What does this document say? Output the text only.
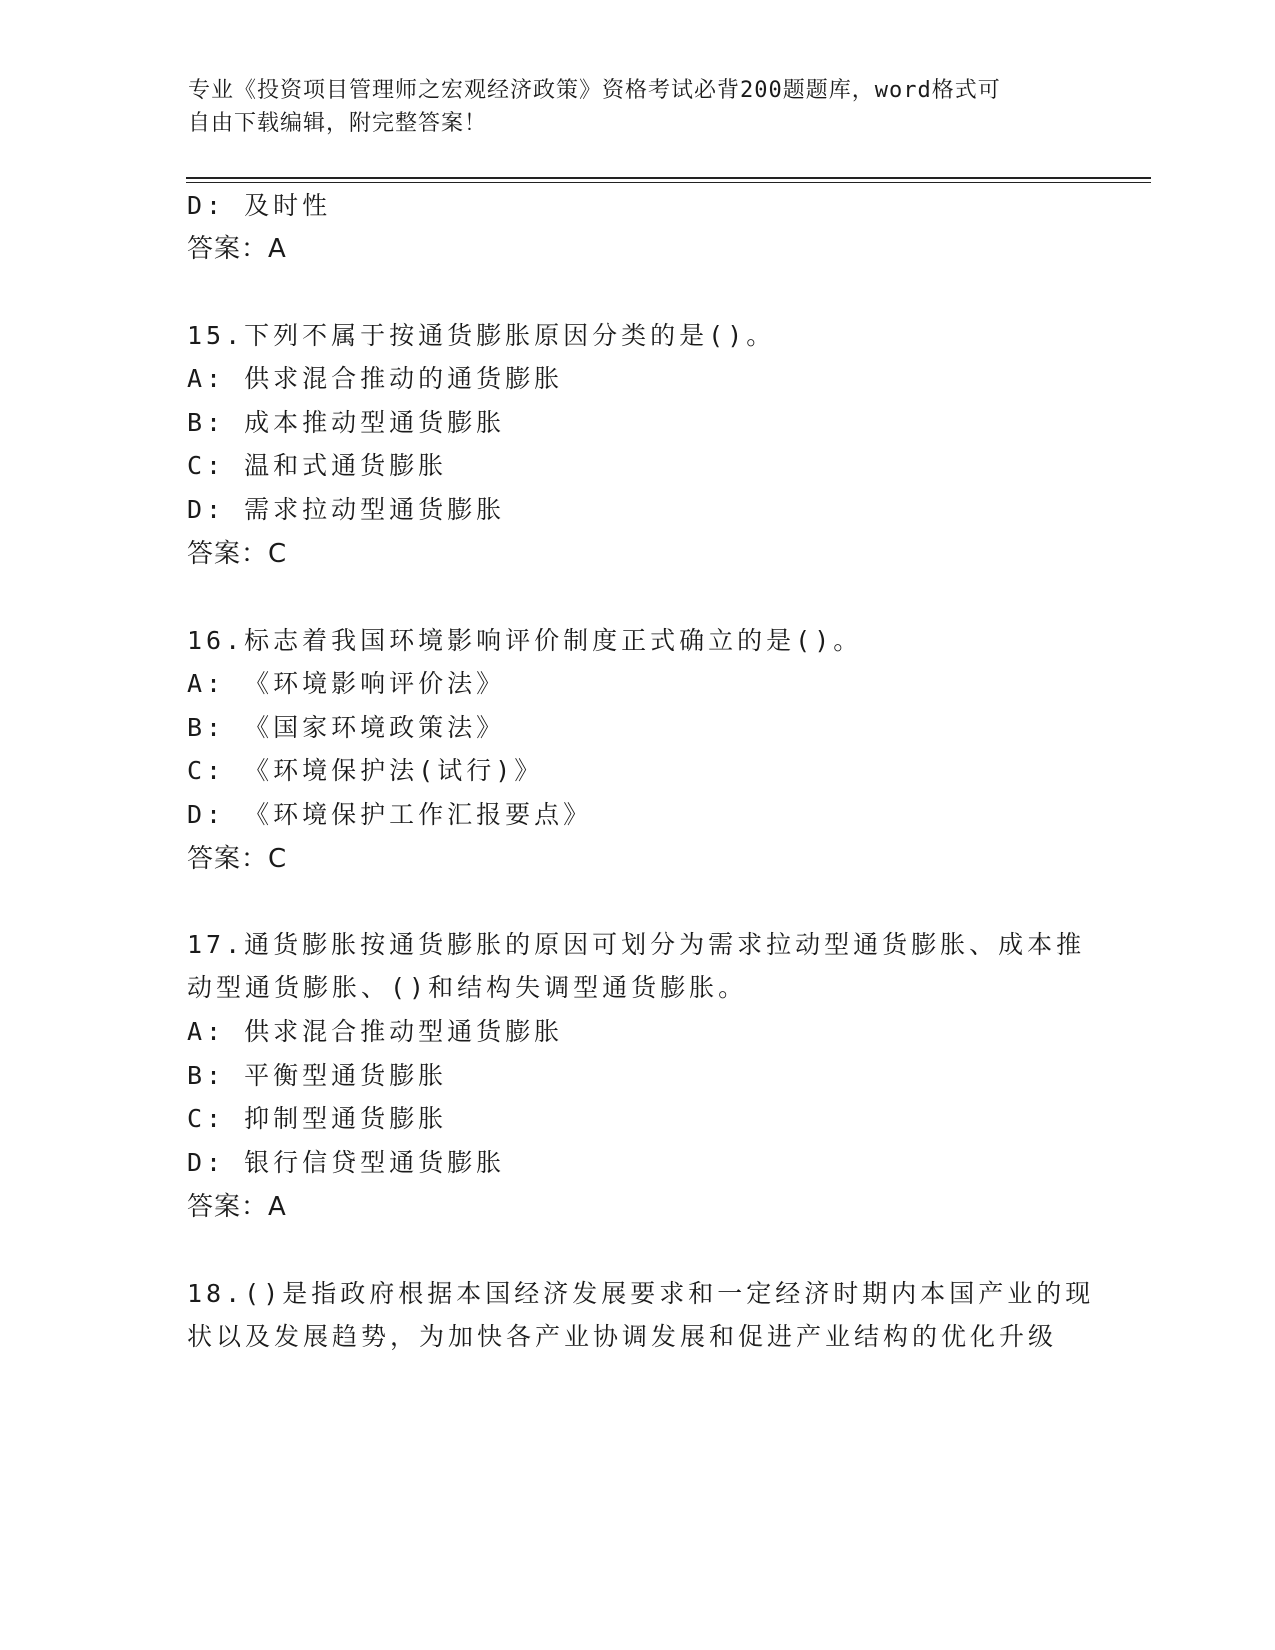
专业《投资项目管理师之宏观经济政策》资格考试必背200题题库，word格式可
自由下载编辑，附完整答案！
D: 及时性
答案：A
15.下列不属于按通货膨胀原因分类的是()。
A: 供求混合推动的通货膨胀
B: 成本推动型通货膨胀
C: 温和式通货膨胀
D: 需求拉动型通货膨胀
答案：C
16.标志着我国环境影响评价制度正式确立的是()。
A: 《环境影响评价法》
B: 《国家环境政策法》
C: 《环境保护法(试行)》
D: 《环境保护工作汇报要点》
答案：C
17.通货膨胀按通货膨胀的原因可划分为需求拉动型通货膨胀、成本推
动型通货膨胀、()和结构失调型通货膨胀。
A: 供求混合推动型通货膨胀
B: 平衡型通货膨胀
C: 抑制型通货膨胀
D: 银行信贷型通货膨胀
答案：A
18.()是指政府根据本国经济发展要求和一定经济时期内本国产业的现
状以及发展趋势，为加快各产业协调发展和促进产业结构的优化升级
